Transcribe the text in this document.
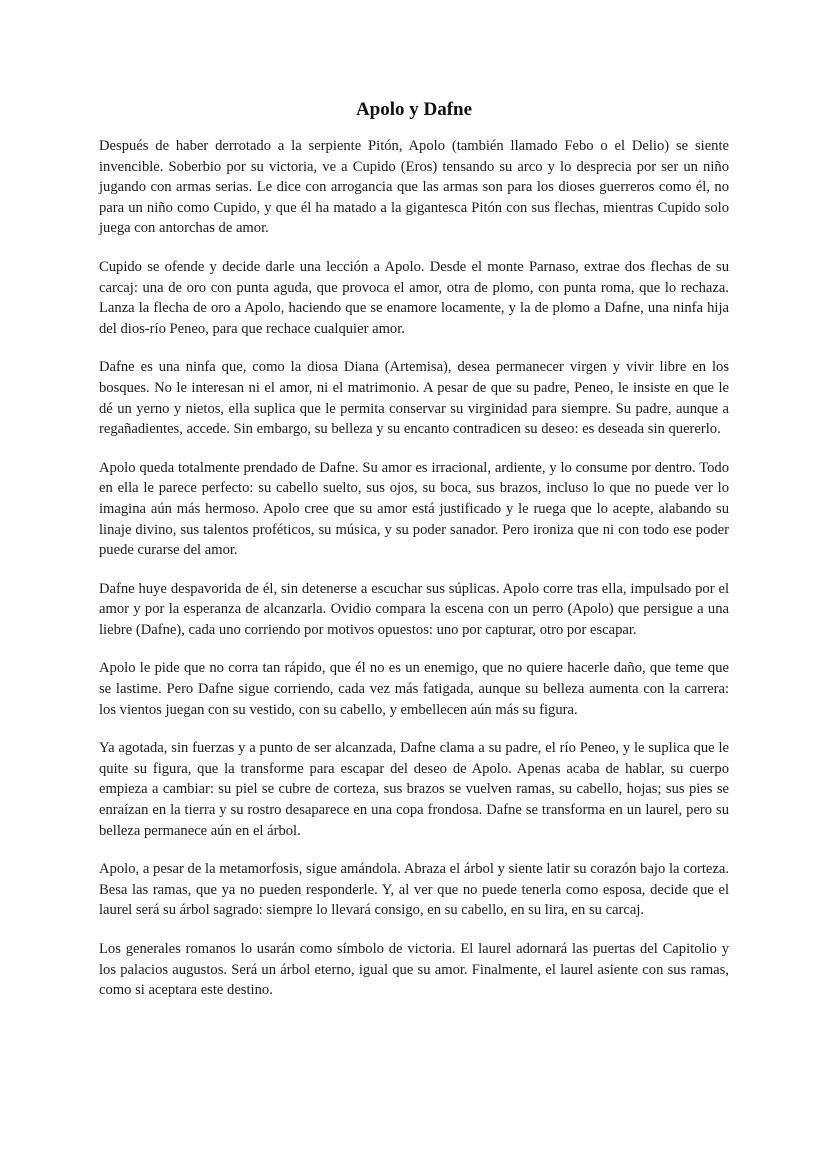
Apolo y Dafne

Después de haber derrotado a la serpiente Pitón, Apolo (también llamado Febo o el Delio) se siente invencible. Soberbio por su victoria, ve a Cupido (Eros) tensando su arco y lo desprecia por ser un niño jugando con armas serias. Le dice con arrogancia que las armas son para los dioses guerreros como él, no para un niño como Cupido, y que él ha matado a la gigantesca Pitón con sus flechas, mientras Cupido solo juega con antorchas de amor.

Cupido se ofende y decide darle una lección a Apolo. Desde el monte Parnaso, extrae dos flechas de su carcaj: una de oro con punta aguda, que provoca el amor, otra de plomo, con punta roma, que lo rechaza. Lanza la flecha de oro a Apolo, haciendo que se enamore locamente, y la de plomo a Dafne, una ninfa hija del dios-río Peneo, para que rechace cualquier amor.

Dafne es una ninfa que, como la diosa Diana (Artemisa), desea permanecer virgen y vivir libre en los bosques. No le interesan ni el amor, ni el matrimonio. A pesar de que su padre, Peneo, le insiste en que le dé un yerno y nietos, ella suplica que le permita conservar su virginidad para siempre. Su padre, aunque a regañadientes, accede. Sin embargo, su belleza y su encanto contradicen su deseo: es deseada sin quererlo.

Apolo queda totalmente prendado de Dafne. Su amor es irracional, ardiente, y lo consume por dentro. Todo en ella le parece perfecto: su cabello suelto, sus ojos, su boca, sus brazos, incluso lo que no puede ver lo imagina aún más hermoso. Apolo cree que su amor está justificado y le ruega que lo acepte, alabando su linaje divino, sus talentos proféticos, su música, y su poder sanador. Pero ironiza que ni con todo ese poder puede curarse del amor.

Dafne huye despavorida de él, sin detenerse a escuchar sus súplicas. Apolo corre tras ella, impulsado por el amor y por la esperanza de alcanzarla. Ovidio compara la escena con un perro (Apolo) que persigue a una liebre (Dafne), cada uno corriendo por motivos opuestos: uno por capturar, otro por escapar.

Apolo le pide que no corra tan rápido, que él no es un enemigo, que no quiere hacerle daño, que teme que se lastime. Pero Dafne sigue corriendo, cada vez más fatigada, aunque su belleza aumenta con la carrera: los vientos juegan con su vestido, con su cabello, y embellecen aún más su figura.

Ya agotada, sin fuerzas y a punto de ser alcanzada, Dafne clama a su padre, el río Peneo, y le suplica que le quite su figura, que la transforme para escapar del deseo de Apolo. Apenas acaba de hablar, su cuerpo empieza a cambiar: su piel se cubre de corteza, sus brazos se vuelven ramas, su cabello, hojas; sus pies se enraízan en la tierra y su rostro desaparece en una copa frondosa. Dafne se transforma en un laurel, pero su belleza permanece aún en el árbol.

Apolo, a pesar de la metamorfosis, sigue amándola. Abraza el árbol y siente latir su corazón bajo la corteza. Besa las ramas, que ya no pueden responderle. Y, al ver que no puede tenerla como esposa, decide que el laurel será su árbol sagrado: siempre lo llevará consigo, en su cabello, en su lira, en su carcaj.

Los generales romanos lo usarán como símbolo de victoria. El laurel adornará las puertas del Capitolio y los palacios augustos. Será un árbol eterno, igual que su amor. Finalmente, el laurel asiente con sus ramas, como si aceptara este destino.
